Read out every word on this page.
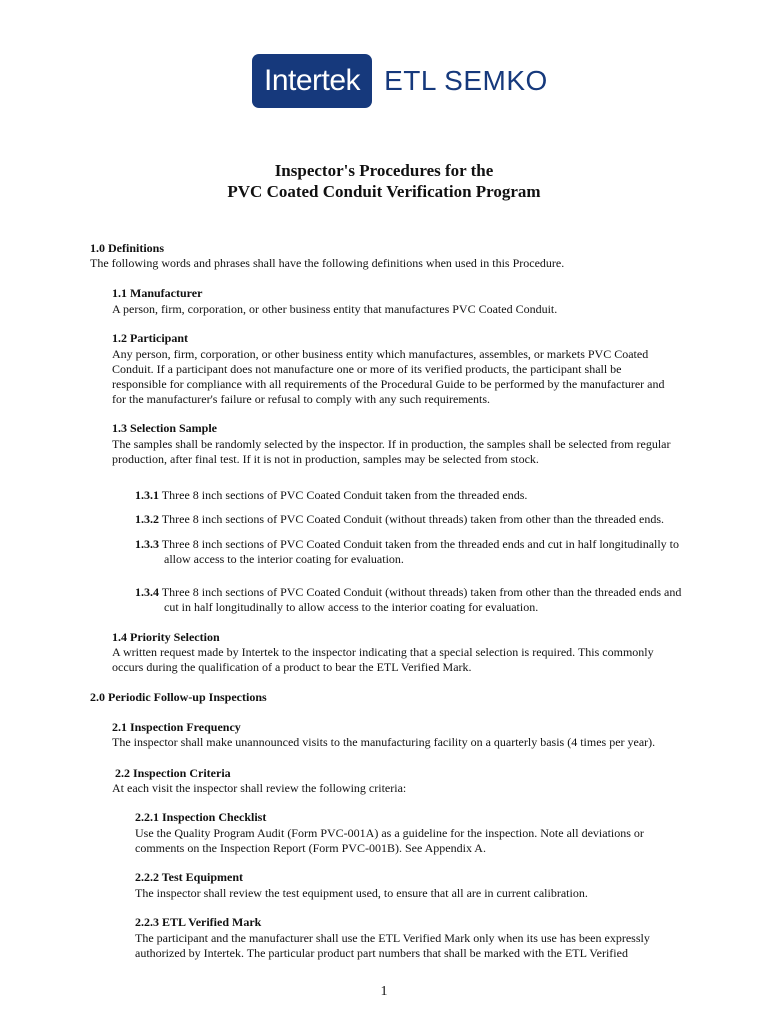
Intertek ETL SEMKO
Inspector's Procedures for the
PVC Coated Conduit Verification Program
1.0 Definitions
The following words and phrases shall have the following definitions when used in this Procedure.
1.1 Manufacturer
A person, firm, corporation, or other business entity that manufactures PVC Coated Conduit.
1.2 Participant
Any person, firm, corporation, or other business entity which manufactures, assembles, or markets PVC Coated
Conduit. If a participant does not manufacture one or more of its verified products, the participant shall be
responsible for compliance with all requirements of the Procedural Guide to be performed by the manufacturer and
for the manufacturer's failure or refusal to comply with any such requirements.
1.3 Selection Sample
The samples shall be randomly selected by the inspector. If in production, the samples shall be selected from regular
production, after final test. If it is not in production, samples may be selected from stock.
1.3.1 Three 8 inch sections of PVC Coated Conduit taken from the threaded ends.
1.3.2 Three 8 inch sections of PVC Coated Conduit (without threads) taken from other than the threaded ends.
1.3.3 Three 8 inch sections of PVC Coated Conduit taken from the threaded ends and cut in half longitudinally to
allow access to the interior coating for evaluation.
1.3.4 Three 8 inch sections of PVC Coated Conduit (without threads) taken from other than the threaded ends and
cut in half longitudinally to allow access to the interior coating for evaluation.
1.4 Priority Selection
A written request made by Intertek to the inspector indicating that a special selection is required. This commonly
occurs during the qualification of a product to bear the ETL Verified Mark.
2.0 Periodic Follow-up Inspections
2.1 Inspection Frequency
The inspector shall make unannounced visits to the manufacturing facility on a quarterly basis (4 times per year).
2.2 Inspection Criteria
At each visit the inspector shall review the following criteria:
2.2.1 Inspection Checklist
Use the Quality Program Audit (Form PVC-001A) as a guideline for the inspection. Note all deviations or
comments on the Inspection Report (Form PVC-001B). See Appendix A.
2.2.2 Test Equipment
The inspector shall review the test equipment used, to ensure that all are in current calibration.
2.2.3 ETL Verified Mark
The participant and the manufacturer shall use the ETL Verified Mark only when its use has been expressly
authorized by Intertek. The particular product part numbers that shall be marked with the ETL Verified
1
